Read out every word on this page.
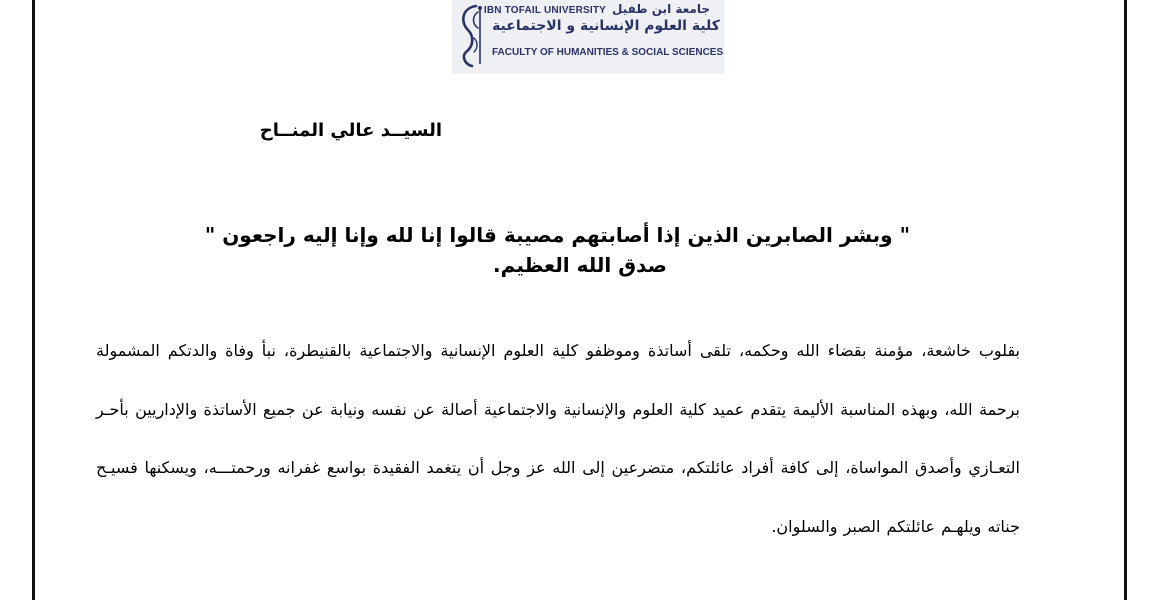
IBN TOFAIL UNIVERSITY جامعة ابن طفيل
كلية العلوم الإنسانية و الاجتماعية
FACULTY OF HUMANITIES & SOCIAL SCIENCES
السيــد عالي المنــاح
" وبشر الصابرين الذين إذا أصابتهم مصيبة قالوا إنا لله وإنا إليه راجعون "
صدق الله العظيم.
بقلوب خاشعة، مؤمنة بقضاء الله وحكمه، تلقى أساتذة وموظفو كلية العلوم الإنسانية والاجتماعية بالقنيطرة، نبأ وفاة والدتكم المشمولة برحمة الله، وبهذه المناسبة الأليمة يتقدم عميد كلية العلوم والإنسانية والاجتماعية أصالة عن نفسه ونيابة عن جميع الأساتذة والإداريين بأحـر التعـازي وأصدق المواساة، إلى كافة أفراد عائلتكم، متضرعين إلى الله عز وجل أن يتغمد الفقيدة بواسع غفرانه ورحمتـــه، ويسكنها فسيـح جناته ويلهـم عائلتكم الصبر والسلوان.
